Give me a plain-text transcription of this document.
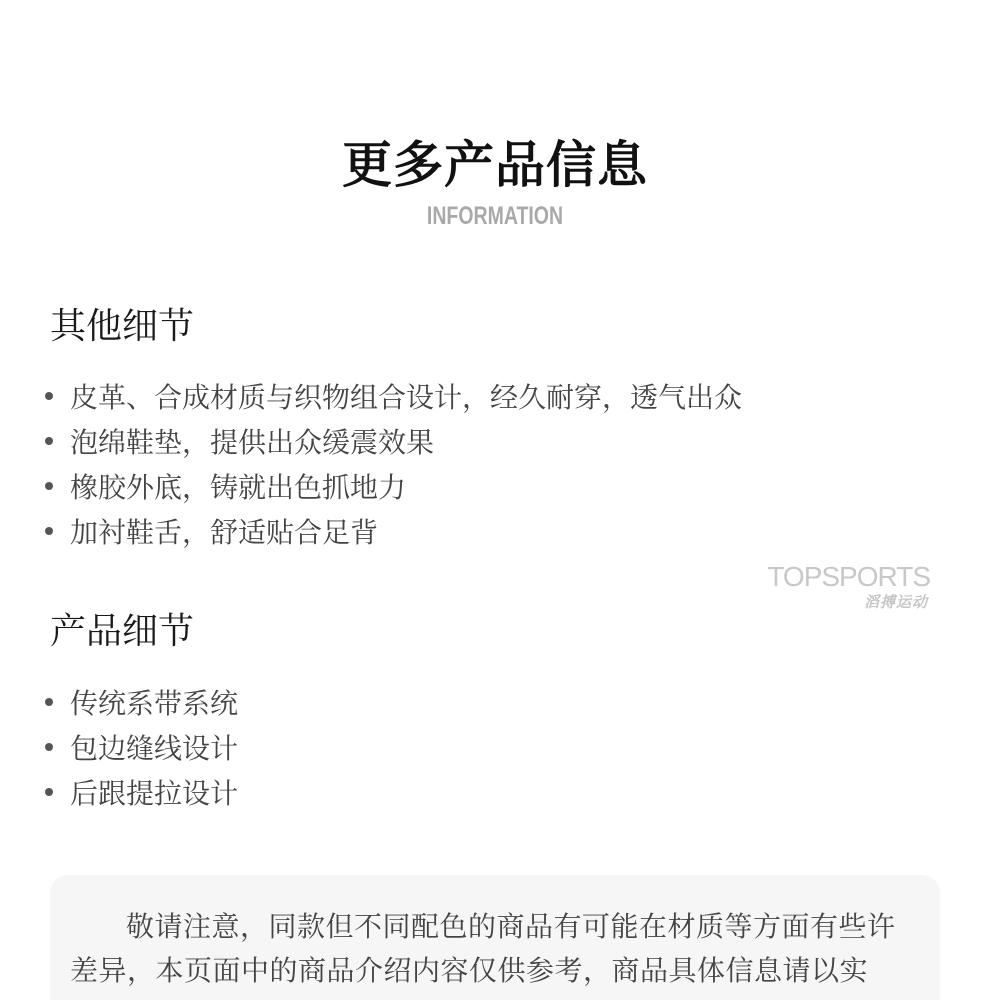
更多产品信息
INFORMATION
其他细节
皮革、合成材质与织物组合设计，经久耐穿，透气出众
泡绵鞋垫，提供出众缓震效果
橡胶外底，铸就出色抓地力
加衬鞋舌，舒适贴合足背
TOPSPORTS
滔搏运动
产品细节
传统系带系统
包边缝线设计
后跟提拉设计

敬请注意，同款但不同配色的商品有可能在材质等方面有些许差异，本页面中的商品介绍内容仅供参考，商品具体信息请以实
